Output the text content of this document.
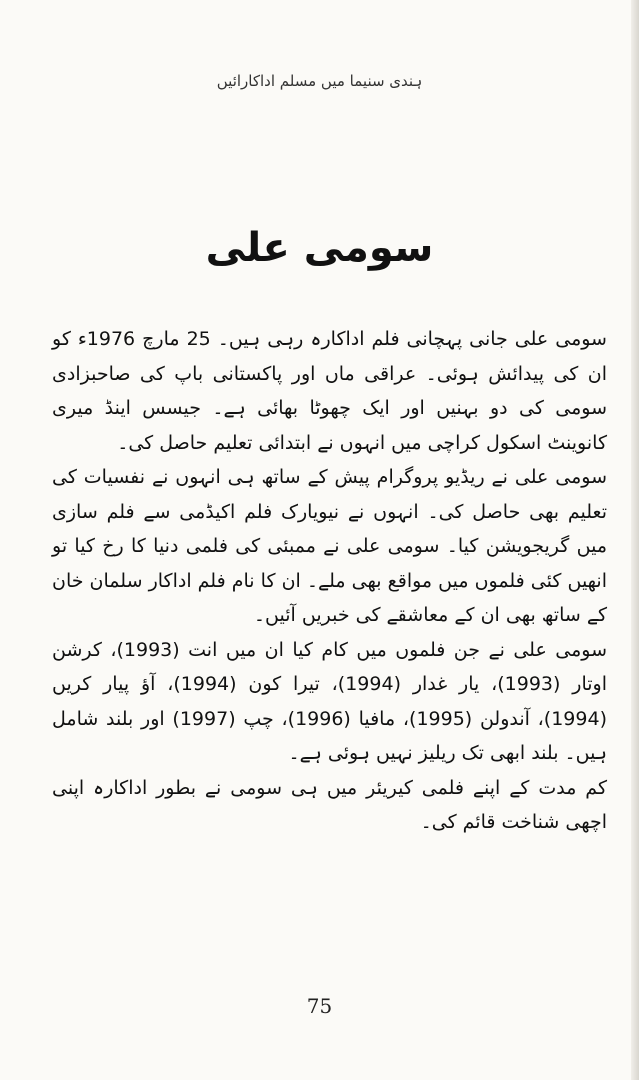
ہندی سنیما میں مسلم اداکارائیں
سومی علی

سومی علی جانی پہچانی فلم اداکارہ رہی ہیں۔ 25 مارچ 1976ء کو ان کی پیدائش ہوئی۔ عراقی ماں اور پاکستانی باپ کی صاحبزادی سومی کی دو بہنیں اور ایک چھوٹا بھائی ہے۔ جیسس اینڈ میری کانوینٹ اسکول کراچی میں انہوں نے ابتدائی تعلیم حاصل کی۔

سومی علی نے ریڈیو پروگرام پیش کے ساتھ ہی انہوں نے نفسیات کی تعلیم بھی حاصل کی۔ انہوں نے نیویارک فلم اکیڈمی سے فلم سازی میں گریجویشن کیا۔ سومی علی نے ممبئی کی فلمی دنیا کا رخ کیا تو انھیں کئی فلموں میں مواقع بھی ملے۔ ان کا نام فلم اداکار سلمان خان کے ساتھ بھی ان کے معاشقے کی خبریں آئیں۔

سومی علی نے جن فلموں میں کام کیا ان میں انت (1993)، کرشن اوتار (1993)، یار غدار (1994)، تیرا کون (1994)، آؤ پیار کریں (1994)، آندولن (1995)، مافیا (1996)، چپ (1997) اور بلند شامل ہیں۔ بلند ابھی تک ریلیز نہیں ہوئی ہے۔

کم مدت کے اپنے فلمی کیریئر میں ہی سومی نے بطور اداکارہ اپنی اچھی شناخت قائم کی۔

75
